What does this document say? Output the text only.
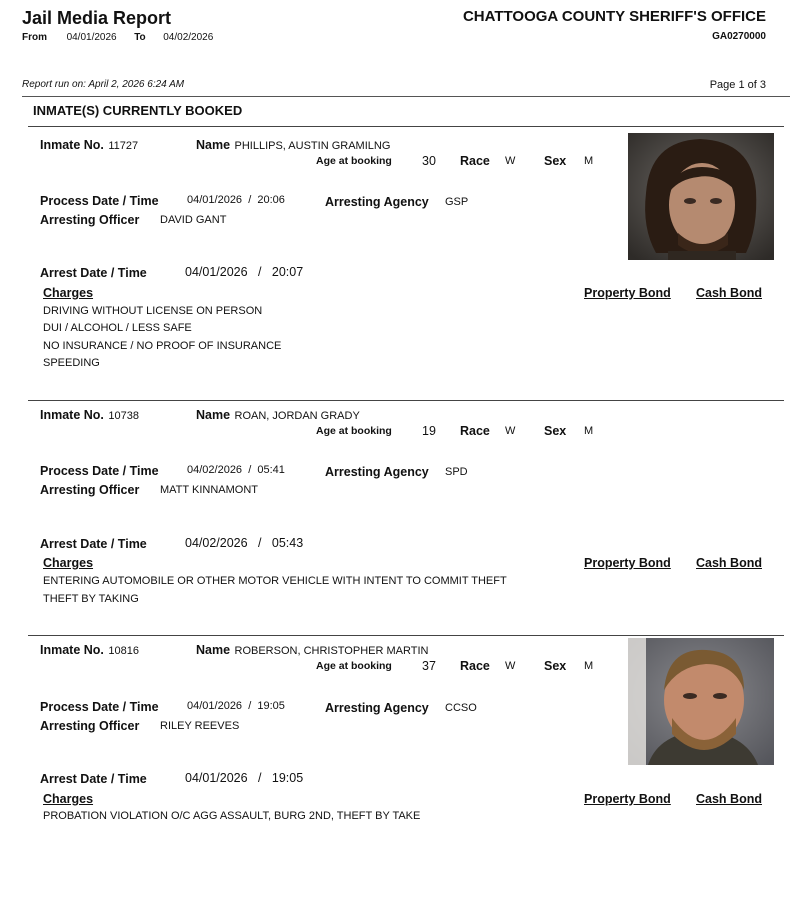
Jail Media Report	CHATTOOGA COUNTY SHERIFF'S OFFICE
GA0270000
From 04/01/2026 To 04/02/2026
Report run on: April 2, 2026 6:24 AM	Page 1 of 3
INMATE(S) CURRENTLY BOOKED
Inmate No. 11727	Name PHILLIPS, AUSTIN GRAMILNG
Age at booking 30 Race W Sex M
Process Date / Time	04/01/2026 / 20:06	Arresting Agency GSP
Arresting Officer DAVID GANT
Arrest Date / Time	04/01/2026 / 20:07
Charges	Property Bond Cash Bond
DRIVING WITHOUT LICENSE ON PERSON
DUI / ALCOHOL / LESS SAFE
NO INSURANCE / NO PROOF OF INSURANCE
SPEEDING
Inmate No. 10738	Name ROAN, JORDAN GRADY
Age at booking 19 Race W Sex M
Process Date / Time	04/02/2026 / 05:41	Arresting Agency SPD
Arresting Officer MATT KINNAMONT
Arrest Date / Time	04/02/2026 / 05:43
Charges	Property Bond Cash Bond
ENTERING AUTOMOBILE OR OTHER MOTOR VEHICLE WITH INTENT TO COMMIT THEFT
THEFT BY TAKING
Inmate No. 10816	Name ROBERSON, CHRISTOPHER MARTIN
Age at booking 37 Race W Sex M
Process Date / Time	04/01/2026 / 19:05	Arresting Agency CCSO
Arresting Officer RILEY REEVES
Arrest Date / Time	04/01/2026 / 19:05
Charges	Property Bond Cash Bond
PROBATION VIOLATION O/C AGG ASSAULT, BURG 2ND, THEFT BY TAKE
